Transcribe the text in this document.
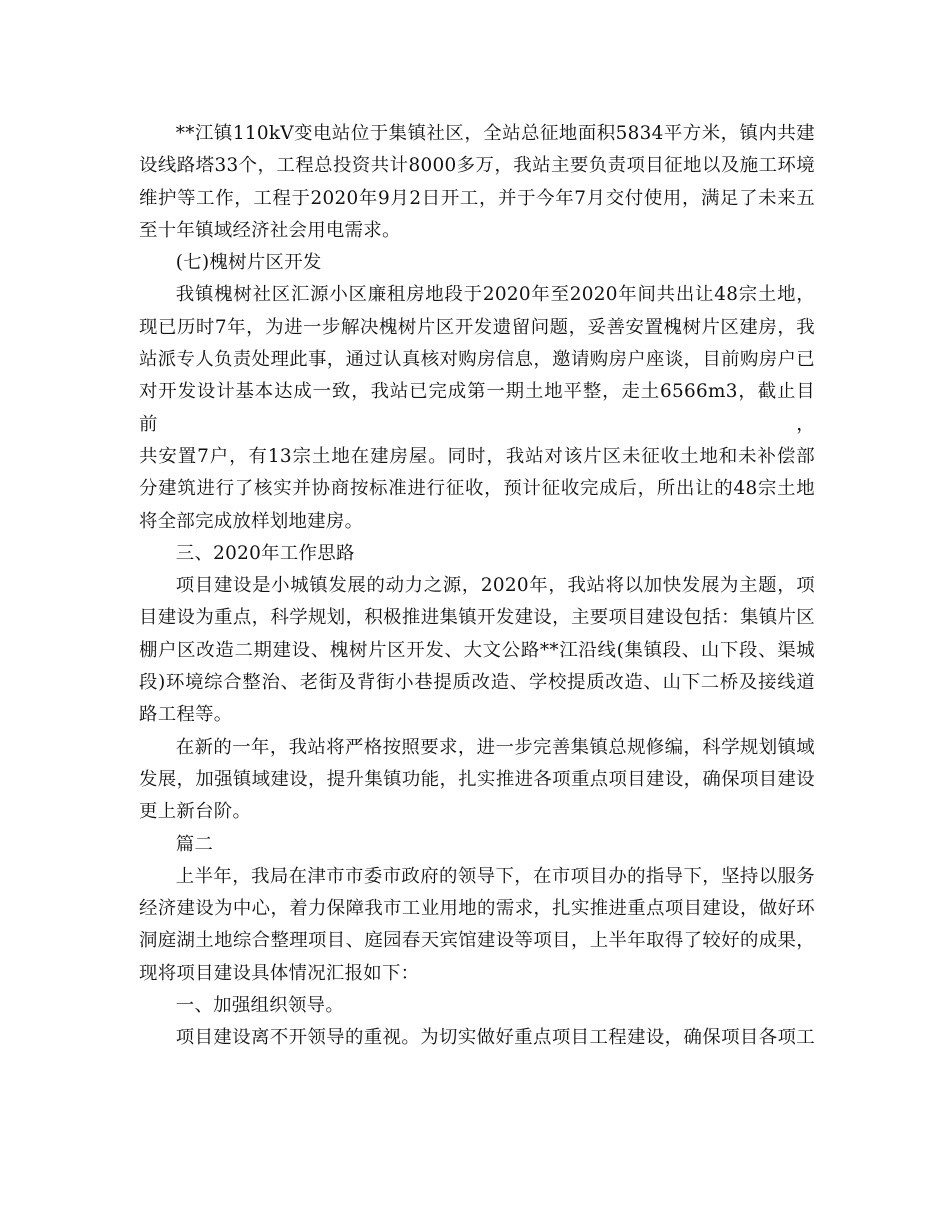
**江镇110kV变电站位于集镇社区，全站总征地面积5834平方米，镇内共建
设线路塔33个，工程总投资共计8000多万，我站主要负责项目征地以及施工环境
维护等工作，工程于2020年9月2日开工，并于今年7月交付使用，满足了未来五
至十年镇域经济社会用电需求。
(七)槐树片区开发
我镇槐树社区汇源小区廉租房地段于2020年至2020年间共出让48宗土地，
现已历时7年，为进一步解决槐树片区开发遗留问题，妥善安置槐树片区建房，我
站派专人负责处理此事，通过认真核对购房信息，邀请购房户座谈，目前购房户已
对开发设计基本达成一致，我站已完成第一期土地平整，走土6566m3，截止目前，
共安置7户，有13宗土地在建房屋。同时，我站对该片区未征收土地和未补偿部
分建筑进行了核实并协商按标准进行征收，预计征收完成后，所出让的48宗土地
将全部完成放样划地建房。
三、2020年工作思路
项目建设是小城镇发展的动力之源，2020年，我站将以加快发展为主题，项
目建设为重点，科学规划，积极推进集镇开发建设，主要项目建设包括：集镇片区
棚户区改造二期建设、槐树片区开发、大文公路**江沿线(集镇段、山下段、渠城
段)环境综合整治、老街及背街小巷提质改造、学校提质改造、山下二桥及接线道
路工程等。
在新的一年，我站将严格按照要求，进一步完善集镇总规修编，科学规划镇域
发展，加强镇域建设，提升集镇功能，扎实推进各项重点项目建设，确保项目建设
更上新台阶。
篇二
上半年，我局在津市市委市政府的领导下，在市项目办的指导下，坚持以服务
经济建设为中心，着力保障我市工业用地的需求，扎实推进重点项目建设，做好环
洞庭湖土地综合整理项目、庭园春天宾馆建设等项目，上半年取得了较好的成果，
现将项目建设具体情况汇报如下：
一、加强组织领导。
项目建设离不开领导的重视。为切实做好重点项目工程建设，确保项目各项工
